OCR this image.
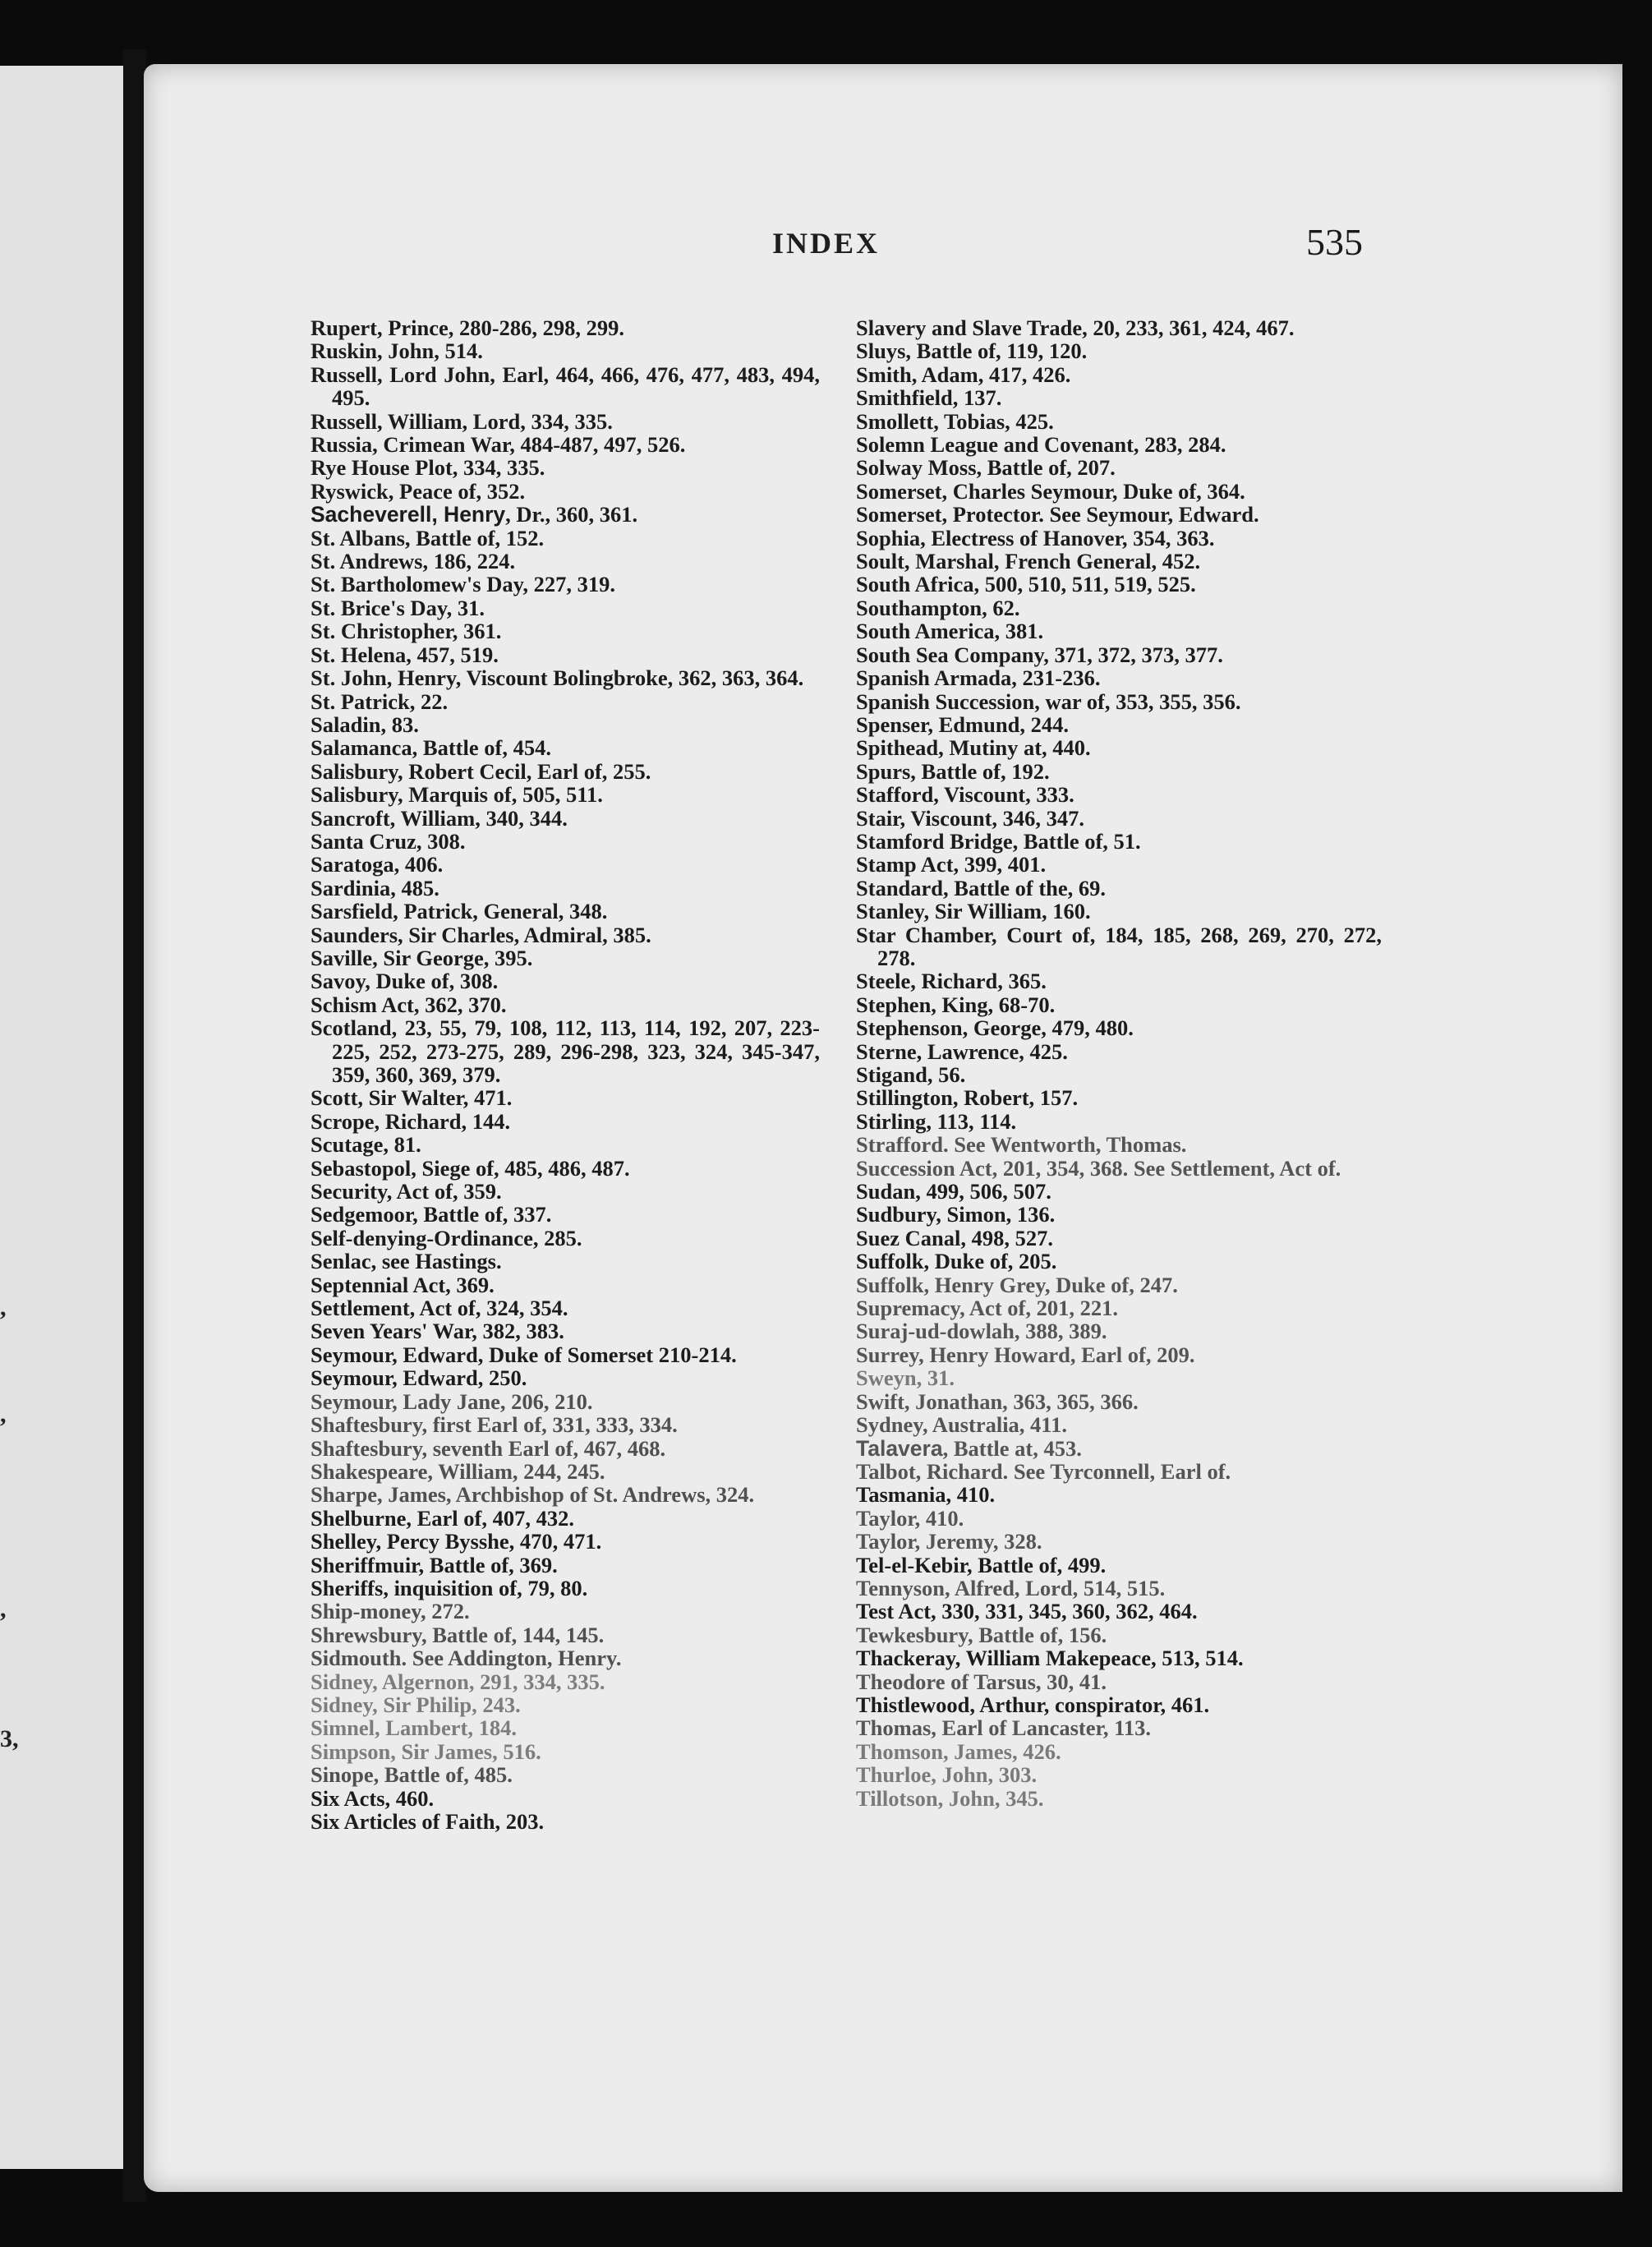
,
,
,
3,
INDEX	535
Rupert, Prince, 280-286, 298, 299.
Ruskin, John, 514.
Russell, Lord John, Earl, 464, 466, 476, 477, 483, 494, 495.
Russell, William, Lord, 334, 335.
Russia, Crimean War, 484-487, 497, 526.
Rye House Plot, 334, 335.
Ryswick, Peace of, 352.
Sacheverell, Henry, Dr., 360, 361.
St. Albans, Battle of, 152.
St. Andrews, 186, 224.
St. Bartholomew's Day, 227, 319.
St. Brice's Day, 31.
St. Christopher, 361.
St. Helena, 457, 519.
St. John, Henry, Viscount Bolingbroke, 362, 363, 364.
St. Patrick, 22.
Saladin, 83.
Salamanca, Battle of, 454.
Salisbury, Robert Cecil, Earl of, 255.
Salisbury, Marquis of, 505, 511.
Sancroft, William, 340, 344.
Santa Cruz, 308.
Saratoga, 406.
Sardinia, 485.
Sarsfield, Patrick, General, 348.
Saunders, Sir Charles, Admiral, 385.
Saville, Sir George, 395.
Savoy, Duke of, 308.
Schism Act, 362, 370.
Scotland, 23, 55, 79, 108, 112, 113, 114, 192, 207, 223-225, 252, 273-275, 289, 296-298, 323, 324, 345-347, 359, 360, 369, 379.
Scott, Sir Walter, 471.
Scrope, Richard, 144.
Scutage, 81.
Sebastopol, Siege of, 485, 486, 487.
Security, Act of, 359.
Sedgemoor, Battle of, 337.
Self-denying-Ordinance, 285.
Senlac, see Hastings.
Septennial Act, 369.
Settlement, Act of, 324, 354.
Seven Years' War, 382, 383.
Seymour, Edward, Duke of Somerset 210-214.
Seymour, Edward, 250.
Seymour, Lady Jane, 206, 210.
Shaftesbury, first Earl of, 331, 333, 334.
Shaftesbury, seventh Earl of, 467, 468.
Shakespeare, William, 244, 245.
Sharpe, James, Archbishop of St. Andrews, 324.
Shelburne, Earl of, 407, 432.
Shelley, Percy Bysshe, 470, 471.
Sheriffmuir, Battle of, 369.
Sheriffs, inquisition of, 79, 80.
Ship-money, 272.
Shrewsbury, Battle of, 144, 145.
Sidmouth. See Addington, Henry.
Sidney, Algernon, 291, 334, 335.
Sidney, Sir Philip, 243.
Simnel, Lambert, 184.
Simpson, Sir James, 516.
Sinope, Battle of, 485.
Six Acts, 460.
Six Articles of Faith, 203.
Slavery and Slave Trade, 20, 233, 361, 424, 467.
Sluys, Battle of, 119, 120.
Smith, Adam, 417, 426.
Smithfield, 137.
Smollett, Tobias, 425.
Solemn League and Covenant, 283, 284.
Solway Moss, Battle of, 207.
Somerset, Charles Seymour, Duke of, 364.
Somerset, Protector. See Seymour, Edward.
Sophia, Electress of Hanover, 354, 363.
Soult, Marshal, French General, 452.
South Africa, 500, 510, 511, 519, 525.
Southampton, 62.
South America, 381.
South Sea Company, 371, 372, 373, 377.
Spanish Armada, 231-236.
Spanish Succession, war of, 353, 355, 356.
Spenser, Edmund, 244.
Spithead, Mutiny at, 440.
Spurs, Battle of, 192.
Stafford, Viscount, 333.
Stair, Viscount, 346, 347.
Stamford Bridge, Battle of, 51.
Stamp Act, 399, 401.
Standard, Battle of the, 69.
Stanley, Sir William, 160.
Star Chamber, Court of, 184, 185, 268, 269, 270, 272, 278.
Steele, Richard, 365.
Stephen, King, 68-70.
Stephenson, George, 479, 480.
Sterne, Lawrence, 425.
Stigand, 56.
Stillington, Robert, 157.
Stirling, 113, 114.
Strafford. See Wentworth, Thomas.
Succession Act, 201, 354, 368. See Settlement, Act of.
Sudan, 499, 506, 507.
Sudbury, Simon, 136.
Suez Canal, 498, 527.
Suffolk, Duke of, 205.
Suffolk, Henry Grey, Duke of, 247.
Supremacy, Act of, 201, 221.
Suraj-ud-dowlah, 388, 389.
Surrey, Henry Howard, Earl of, 209.
Sweyn, 31.
Swift, Jonathan, 363, 365, 366.
Sydney, Australia, 411.
Talavera, Battle at, 453.
Talbot, Richard. See Tyrconnell, Earl of.
Tasmania, 410.
Taylor, 410.
Taylor, Jeremy, 328.
Tel-el-Kebir, Battle of, 499.
Tennyson, Alfred, Lord, 514, 515.
Test Act, 330, 331, 345, 360, 362, 464.
Tewkesbury, Battle of, 156.
Thackeray, William Makepeace, 513, 514.
Theodore of Tarsus, 30, 41.
Thistlewood, Arthur, conspirator, 461.
Thomas, Earl of Lancaster, 113.
Thomson, James, 426.
Thurloe, John, 303.
Tillotson, John, 345.
